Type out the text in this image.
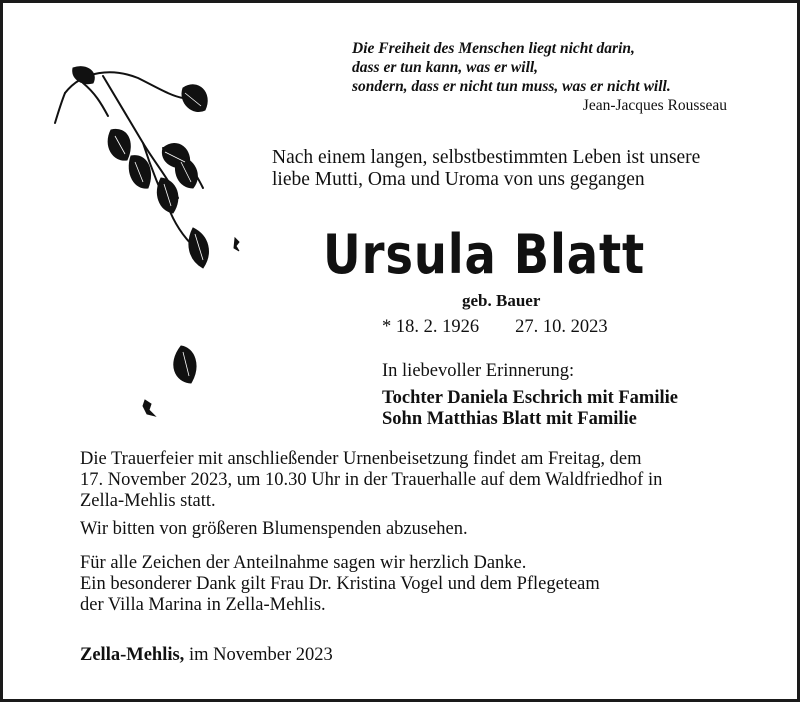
Die Freiheit des Menschen liegt nicht darin,
dass er tun kann, was er will,
sondern, dass er nicht tun muss, was er nicht will.
Jean-Jacques Rousseau
Nach einem langen, selbstbestimmten Leben ist unsere
liebe Mutti, Oma und Uroma von uns gegangen
Ursula Blatt
geb. Bauer
* 18. 2. 1926 27. 10. 2023
In liebevoller Erinnerung:
Tochter Daniela Eschrich mit Familie
Sohn Matthias Blatt mit Familie
Die Trauerfeier mit anschließender Urnenbeisetzung findet am Freitag, dem
17. November 2023, um 10.30 Uhr in der Trauerhalle auf dem Waldfriedhof in
Zella-Mehlis statt.
Wir bitten von größeren Blumenspenden abzusehen.
Für alle Zeichen der Anteilnahme sagen wir herzlich Danke.
Ein besonderer Dank gilt Frau Dr. Kristina Vogel und dem Pflegeteam
der Villa Marina in Zella-Mehlis.
Zella-Mehlis, im November 2023
